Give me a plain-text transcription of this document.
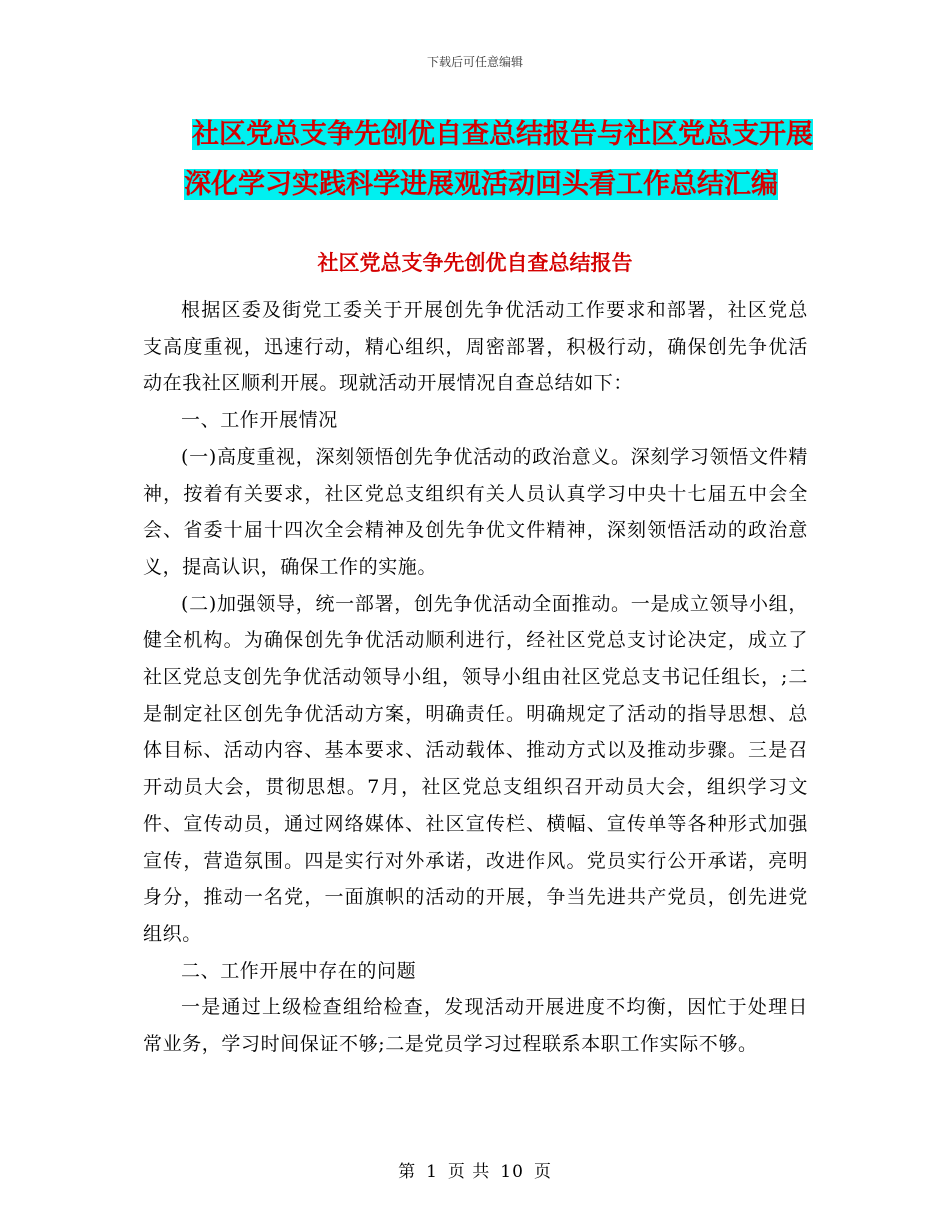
下载后可任意编辑
社区党总支争先创优自查总结报告与社区党总支开展
深化学习实践科学进展观活动回头看工作总结汇编
社区党总支争先创优自查总结报告

根据区委及街党工委关于开展创先争优活动工作要求和部署，社区党总支高度重视，迅速行动，精心组织，周密部署，积极行动，确保创先争优活动在我社区顺利开展。现就活动开展情况自查总结如下：

一、工作开展情况

(一)高度重视，深刻领悟创先争优活动的政治意义。深刻学习领悟文件精神，按着有关要求，社区党总支组织有关人员认真学习中央十七届五中会全会、省委十届十四次全会精神及创先争优文件精神，深刻领悟活动的政治意义，提高认识，确保工作的实施。

(二)加强领导，统一部署，创先争优活动全面推动。一是成立领导小组，健全机构。为确保创先争优活动顺利进行，经社区党总支讨论决定，成立了社区党总支创先争优活动领导小组，领导小组由社区党总支书记任组长，;二是制定社区创先争优活动方案，明确责任。明确规定了活动的指导思想、总体目标、活动内容、基本要求、活动载体、推动方式以及推动步骤。三是召开动员大会，贯彻思想。7月，社区党总支组织召开动员大会，组织学习文件、宣传动员，通过网络媒体、社区宣传栏、横幅、宣传单等各种形式加强宣传，营造氛围。四是实行对外承诺，改进作风。党员实行公开承诺，亮明身分，推动一名党，一面旗帜的活动的开展，争当先进共产党员，创先进党组织。

二、工作开展中存在的问题

一是通过上级检查组给检查，发现活动开展进度不均衡，因忙于处理日常业务，学习时间保证不够;二是党员学习过程联系本职工作实际不够。

第 1 页 共 10 页
